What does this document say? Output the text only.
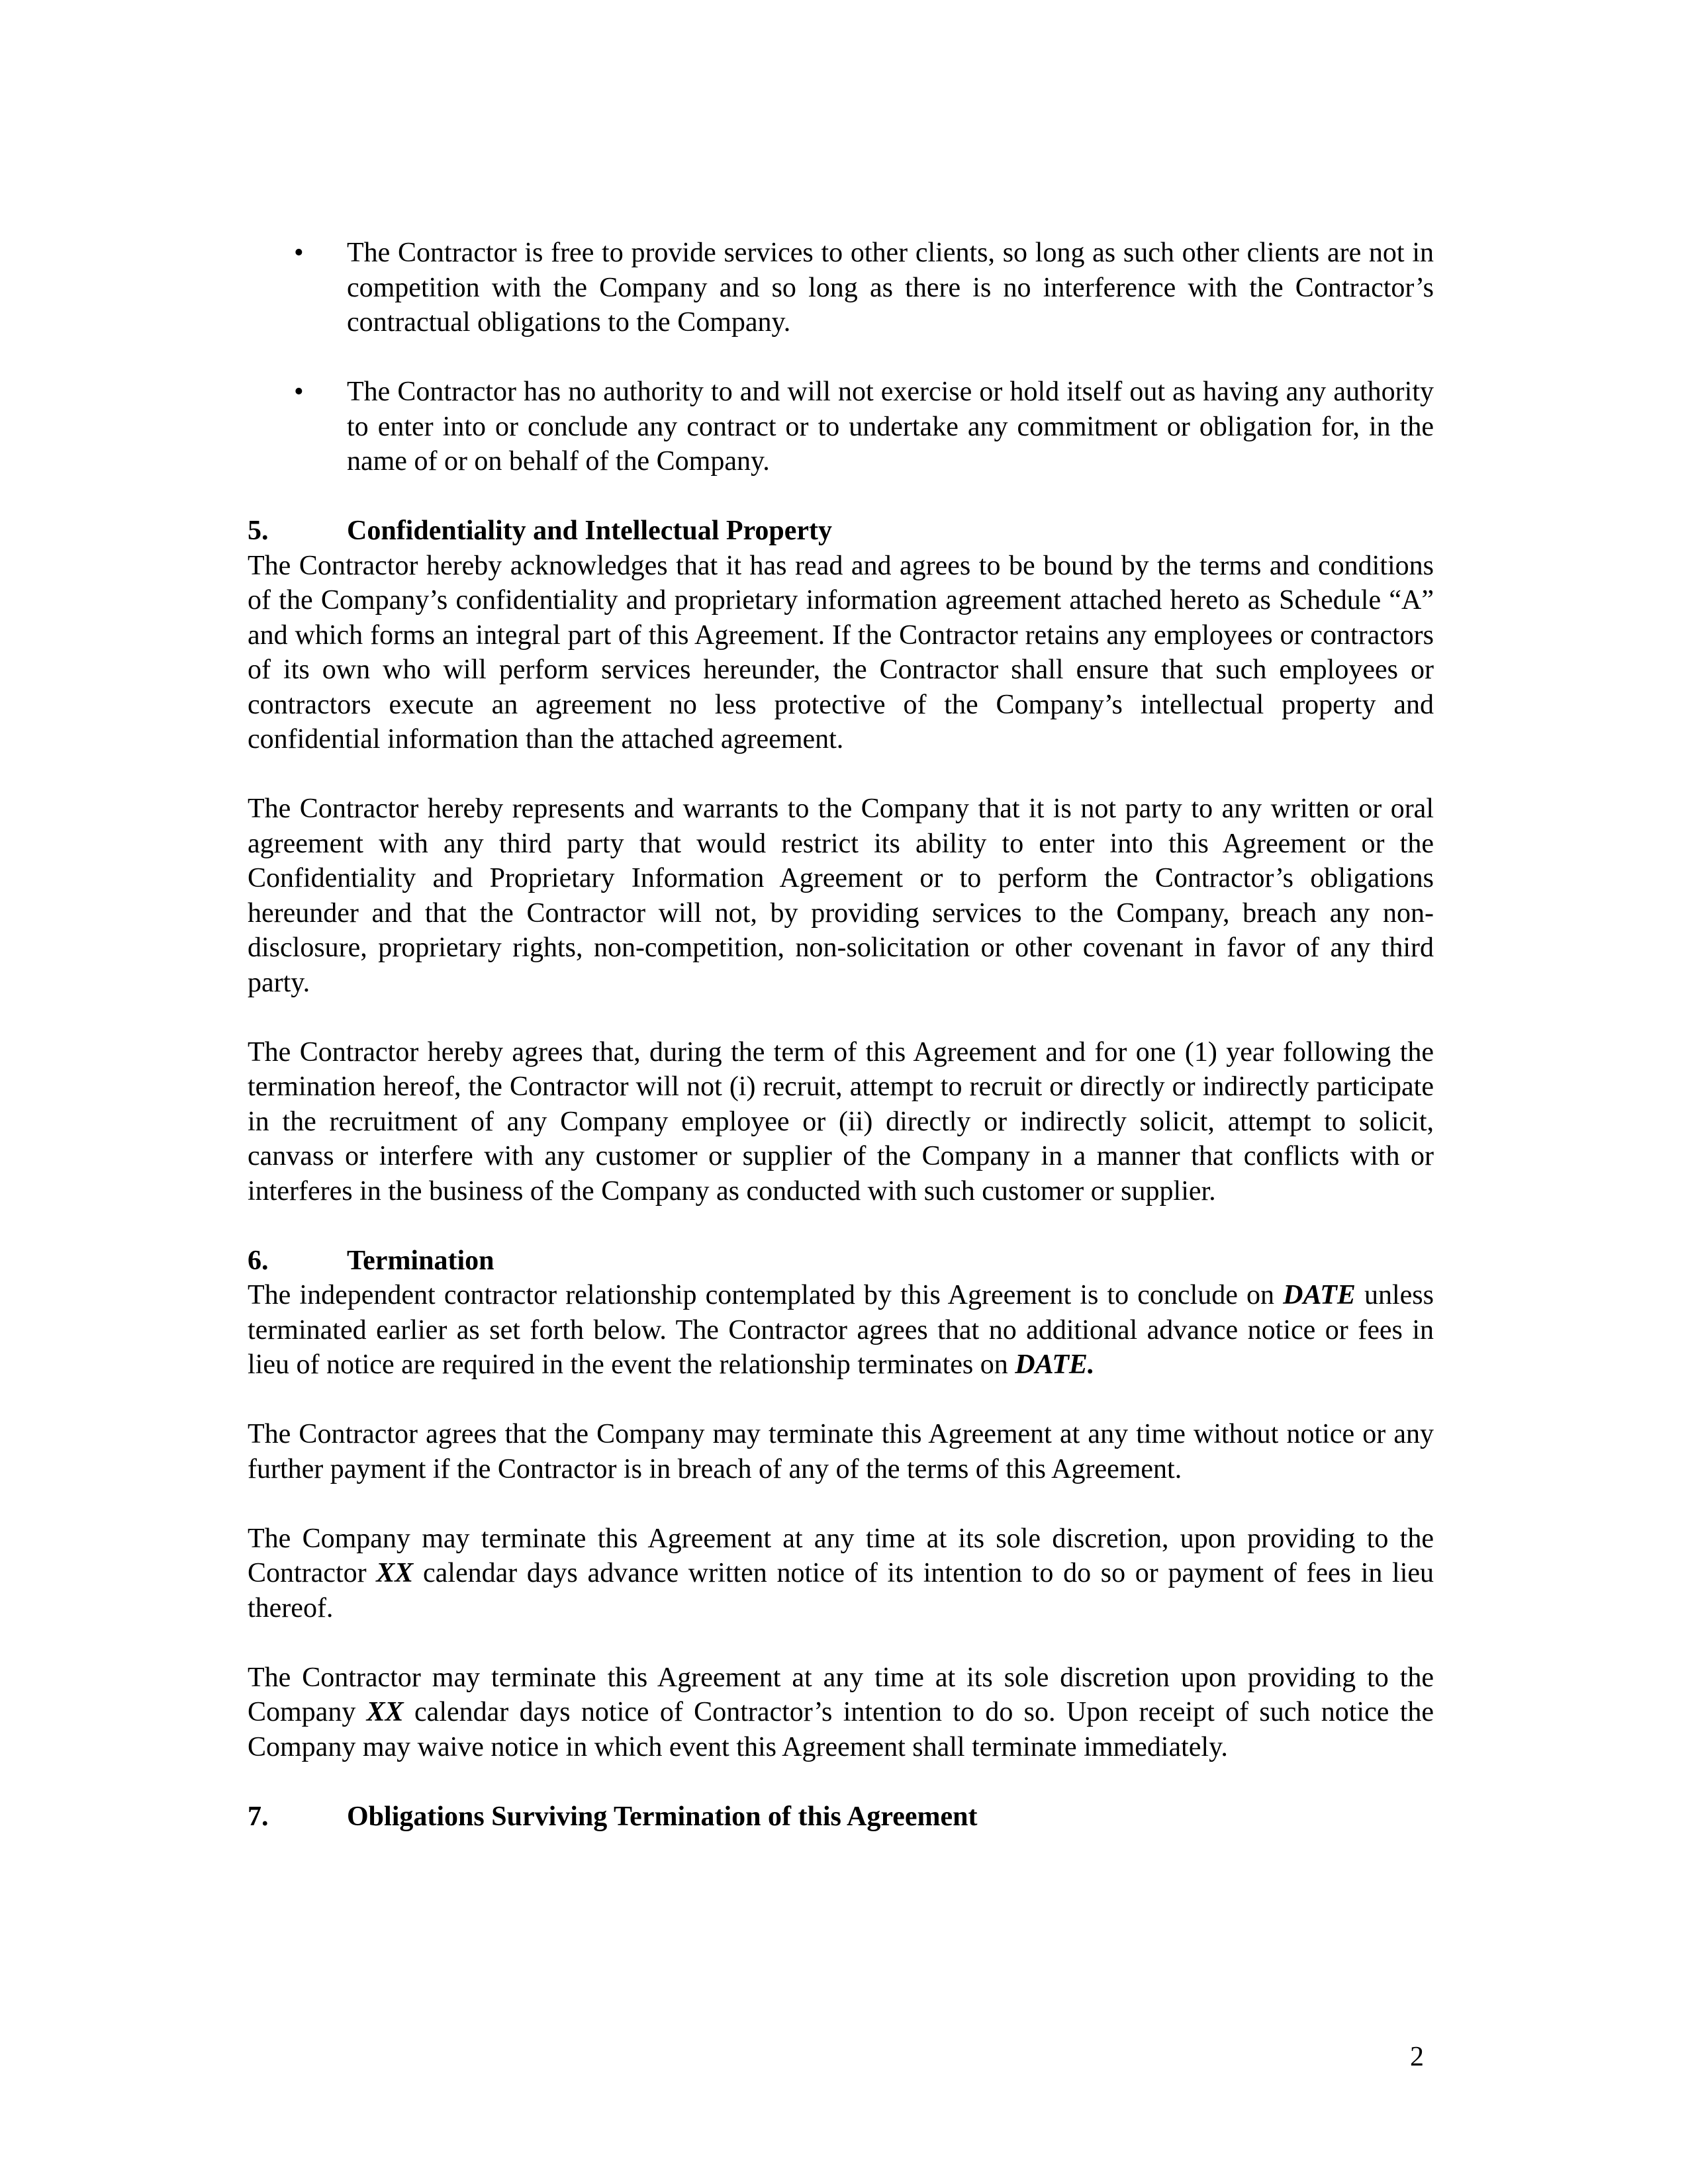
• The Contractor is free to provide services to other clients, so long as such other clients are not in competition with the Company and so long as there is no interference with the Contractor’s contractual obligations to the Company.
• The Contractor has no authority to and will not exercise or hold itself out as having any authority to enter into or conclude any contract or to undertake any commitment or obligation for, in the name of or on behalf of the Company.
5.	Confidentiality and Intellectual Property

The Contractor hereby acknowledges that it has read and agrees to be bound by the terms and conditions of the Company’s confidentiality and proprietary information agreement attached hereto as Schedule “A” and which forms an integral part of this Agreement. If the Contractor retains any employees or contractors of its own who will perform services hereunder, the Contractor shall ensure that such employees or contractors execute an agreement no less protective of the Company’s intellectual property and confidential information than the attached agreement.

The Contractor hereby represents and warrants to the Company that it is not party to any written or oral agreement with any third party that would restrict its ability to enter into this Agreement or the Confidentiality and Proprietary Information Agreement or to perform the Contractor’s obligations hereunder and that the Contractor will not, by providing services to the Company, breach any non-disclosure, proprietary rights, non-competition, non-solicitation or other covenant in favor of any third party.

The Contractor hereby agrees that, during the term of this Agreement and for one (1) year following the termination hereof, the Contractor will not (i) recruit, attempt to recruit or directly or indirectly participate in the recruitment of any Company employee or (ii) directly or indirectly solicit, attempt to solicit, canvass or interfere with any customer or supplier of the Company in a manner that conflicts with or interferes in the business of the Company as conducted with such customer or supplier.

6.	Termination

The independent contractor relationship contemplated by this Agreement is to conclude on DATE unless terminated earlier as set forth below. The Contractor agrees that no additional advance notice or fees in lieu of notice are required in the event the relationship terminates on DATE.

The Contractor agrees that the Company may terminate this Agreement at any time without notice or any further payment if the Contractor is in breach of any of the terms of this Agreement.

The Company may terminate this Agreement at any time at its sole discretion, upon providing to the Contractor XX calendar days advance written notice of its intention to do so or payment of fees in lieu thereof.

The Contractor may terminate this Agreement at any time at its sole discretion upon providing to the Company XX calendar days notice of Contractor’s intention to do so. Upon receipt of such notice the Company may waive notice in which event this Agreement shall terminate immediately.

7.	Obligations Surviving Termination of this Agreement
2
